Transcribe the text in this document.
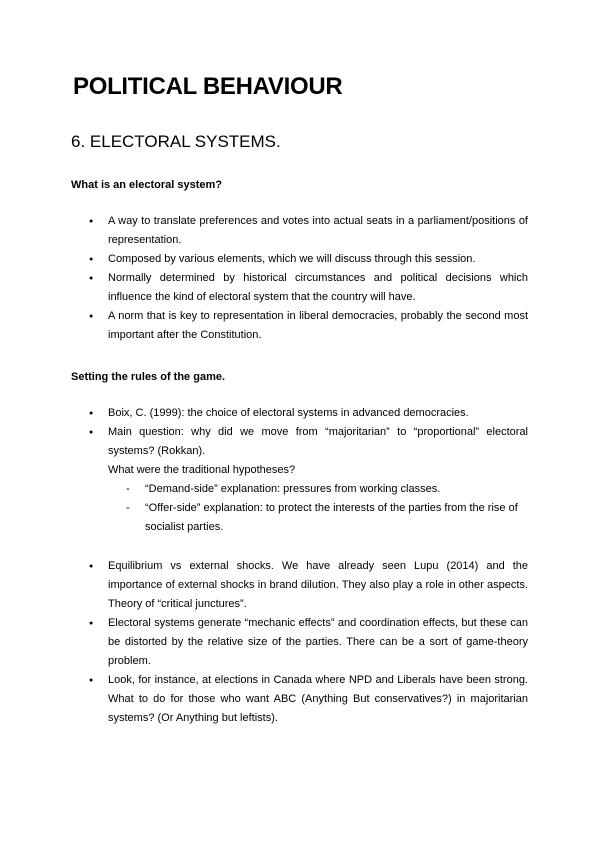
POLITICAL BEHAVIOUR
6. ELECTORAL SYSTEMS.

What is an electoral system?

● A way to translate preferences and votes into actual seats in a parliament/positions of representation.
● Composed by various elements, which we will discuss through this session.
● Normally determined by historical circumstances and political decisions which influence the kind of electoral system that the country will have.
● A norm that is key to representation in liberal democracies, probably the second most important after the Constitution.

Setting the rules of the game.

● Boix, C. (1999): the choice of electoral systems in advanced democracies.
● Main question: why did we move from “majoritarian” to “proportional” electoral systems? (Rokkan).
What were the traditional hypotheses?
- “Demand-side” explanation: pressures from working classes.
- “Offer-side” explanation: to protect the interests of the parties from the rise of socialist parties.
● Equilibrium vs external shocks. We have already seen Lupu (2014) and the importance of external shocks in brand dilution. They also play a role in other aspects. Theory of “critical junctures”.
● Electoral systems generate “mechanic effects” and coordination effects, but these can be distorted by the relative size of the parties. There can be a sort of game-theory problem.
● Look, for instance, at elections in Canada where NPD and Liberals have been strong. What to do for those who want ABC (Anything But conservatives?) in majoritarian systems? (Or Anything but leftists).
